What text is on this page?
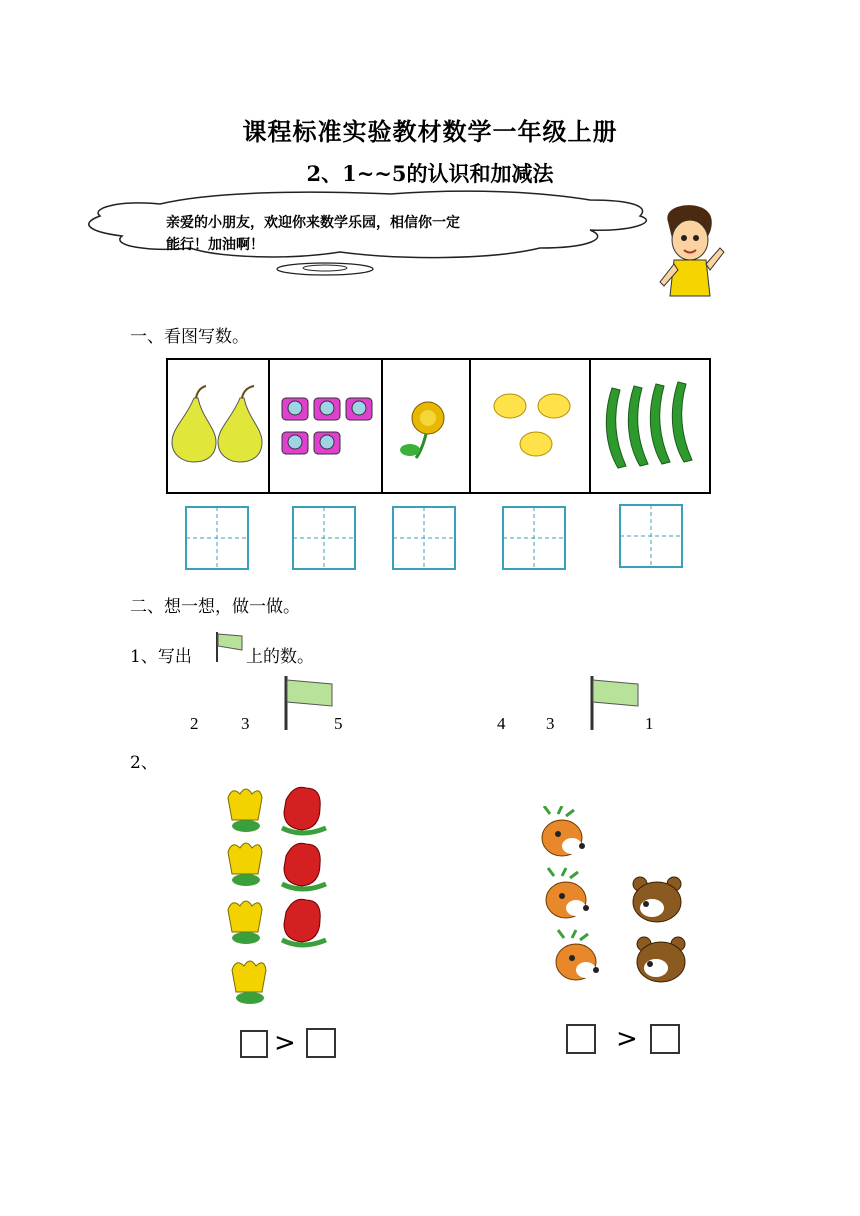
课程标准实验教材数学一年级上册
2、1~~5的认识和加减法
亲爱的小朋友，欢迎你来数学乐园，相信你一定
能行！加油啊！
一、看图写数。
二、想一想，做一做。
1、写出	上的数。
2	3	5	4 3	1
2、
>	>
